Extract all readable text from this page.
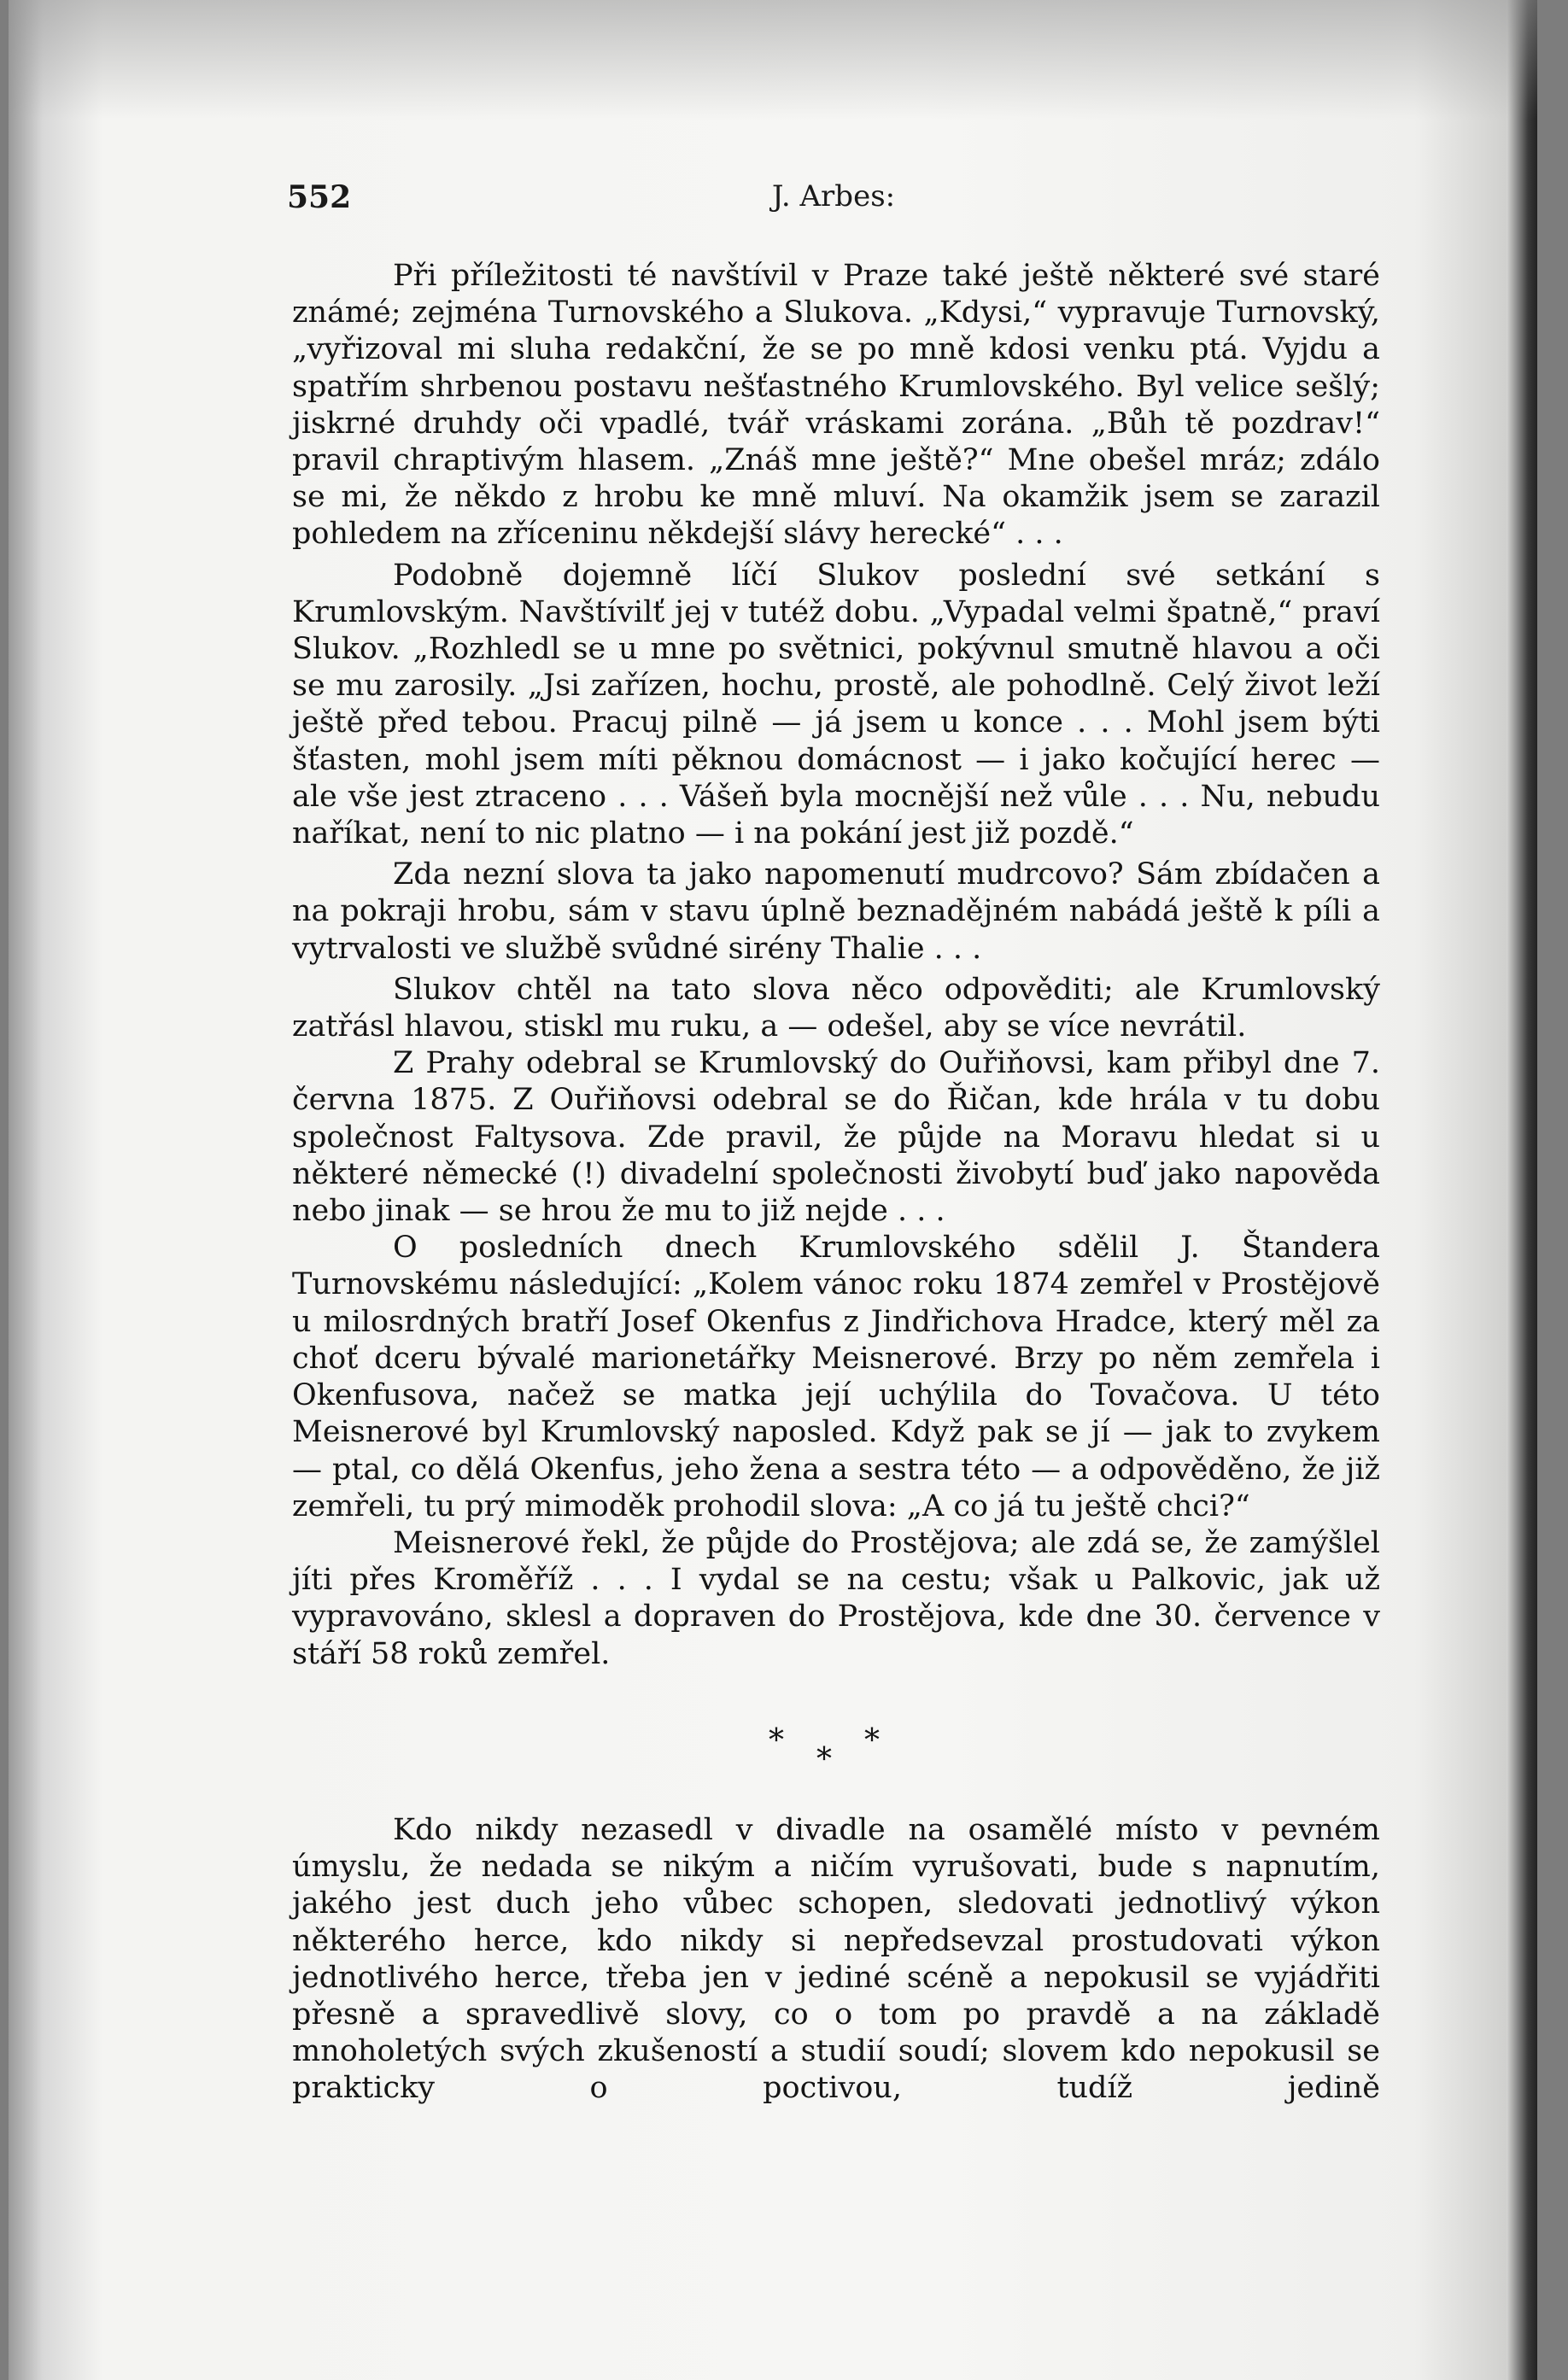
552	J. Arbes:

Při příležitosti té navštívil v Praze také ještě některé své staré známé; zejména Turnovského a Slukova. „Kdysi,“ vypravuje Turnovský, „vyřizoval mi sluha redakční, že se po mně kdosi venku ptá. Vyjdu a spatřím shrbenou postavu nešťastného Krumlovského. Byl velice sešlý; jiskrné druhdy oči vpadlé, tvář vráskami zorána. „Bůh tě pozdrav!“ pravil chraptivým hlasem. „Znáš mne ještě?“ Mne obešel mráz; zdálo se mi, že někdo z hrobu ke mně mluví. Na okamžik jsem se zarazil pohledem na zříceninu někdejší slávy herecké“ . . .

Podobně dojemně líčí Slukov poslední své setkání s Krumlovským. Navštívilť jej v tutéž dobu. „Vypadal velmi špatně,“ praví Slukov. „Rozhledl se u mne po světnici, pokývnul smutně hlavou a oči se mu zarosily. „Jsi zařízen, hochu, prostě, ale pohodlně. Celý život leží ještě před tebou. Pracuj pilně — já jsem u konce . . . Mohl jsem býti šťasten, mohl jsem míti pěknou domácnost — i jako kočující herec — ale vše jest ztraceno . . . Vášeň byla mocnější než vůle . . . Nu, nebudu naříkat, není to nic platno — i na pokání jest již pozdě.“

Zda nezní slova ta jako napomenutí mudrcovo? Sám zbídačen a na pokraji hrobu, sám v stavu úplně beznadějném nabádá ještě k píli a vytrvalosti ve službě svůdné sirény Thalie . . .

Slukov chtěl na tato slova něco odpověditi; ale Krumlovský zatřásl hlavou, stiskl mu ruku, a — odešel, aby se více nevrátil.

Z Prahy odebral se Krumlovský do Ouřiňovsi, kam přibyl dne 7. června 1875. Z Ouřiňovsi odebral se do Řičan, kde hrála v tu dobu společnost Faltysova. Zde pravil, že půjde na Moravu hledat si u některé německé (!) divadelní společnosti živobytí buď jako napověda nebo jinak — se hrou že mu to již nejde . . .

O posledních dnech Krumlovského sdělil J. Štandera Turnovskému následující: „Kolem vánoc roku 1874 zemřel v Prostějově u milosrdných bratří Josef Okenfus z Jindřichova Hradce, který měl za choť dceru bývalé marionetářky Meisnerové. Brzy po něm zemřela i Okenfusova, načež se matka její uchýlila do Tovačova. U této Meisnerové byl Krumlovský naposled. Když pak se jí — jak to zvykem — ptal, co dělá Okenfus, jeho žena a sestra této — a odpověděno, že již zemřeli, tu prý mimoděk prohodil slova: „A co já tu ještě chci?“

Meisnerové řekl, že půjde do Prostějova; ale zdá se, že zamýšlel jíti přes Kroměříž . . . I vydal se na cestu; však u Palkovic, jak už vypravováno, sklesl a dopraven do Prostějova, kde dne 30. července v stáří 58 roků zemřel.

*
*
*

Kdo nikdy nezasedl v divadle na osamělé místo v pevném úmyslu, že nedada se nikým a ničím vyrušovati, bude s napnutím, jakého jest duch jeho vůbec schopen, sledovati jednotlivý výkon některého herce, kdo nikdy si nepředsevzal prostudovati výkon jednotlivého herce, třeba jen v jediné scéně a nepokusil se vyjádřiti přesně a spravedlivě slovy, co o tom po pravdě a na základě mnoholetých svých zkušeností a studií soudí; slovem kdo nepokusil se prakticky o poctivou, tudíž jedině
